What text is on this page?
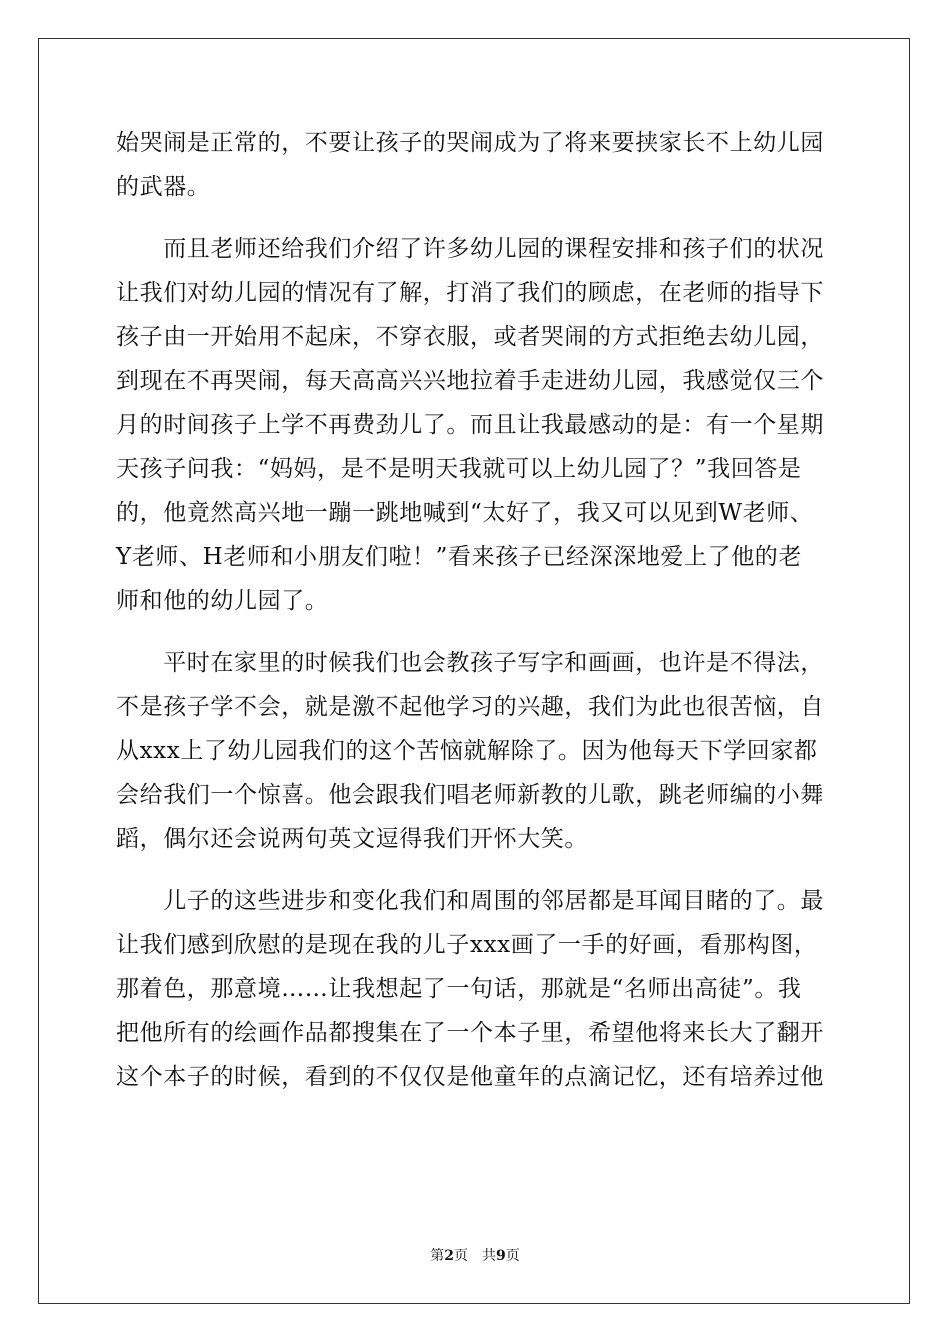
始哭闹是正常的，不要让孩子的哭闹成为了将来要挟家长不上幼儿园
的武器。
　　而且老师还给我们介绍了许多幼儿园的课程安排和孩子们的状况
让我们对幼儿园的情况有了解，打消了我们的顾虑，在老师的指导下
孩子由一开始用不起床，不穿衣服，或者哭闹的方式拒绝去幼儿园，
到现在不再哭闹，每天高高兴兴地拉着手走进幼儿园，我感觉仅三个
月的时间孩子上学不再费劲儿了。而且让我最感动的是：有一个星期
天孩子问我：“妈妈，是不是明天我就可以上幼儿园了？”我回答是
的，他竟然高兴地一蹦一跳地喊到“太好了，我又可以见到W老师、
Y老师、H老师和小朋友们啦！”看来孩子已经深深地爱上了他的老
师和他的幼儿园了。
　　平时在家里的时候我们也会教孩子写字和画画，也许是不得法，
不是孩子学不会，就是激不起他学习的兴趣，我们为此也很苦恼，自
从xxx上了幼儿园我们的这个苦恼就解除了。因为他每天下学回家都
会给我们一个惊喜。他会跟我们唱老师新教的儿歌，跳老师编的小舞
蹈，偶尔还会说两句英文逗得我们开怀大笑。
　　儿子的这些进步和变化我们和周围的邻居都是耳闻目睹的了。最
让我们感到欣慰的是现在我的儿子xxx画了一手的好画，看那构图，
那着色，那意境……让我想起了一句话，那就是“名师出高徒”。我
把他所有的绘画作品都搜集在了一个本子里，希望他将来长大了翻开
这个本子的时候，看到的不仅仅是他童年的点滴记忆，还有培养过他
第2页　共9页
